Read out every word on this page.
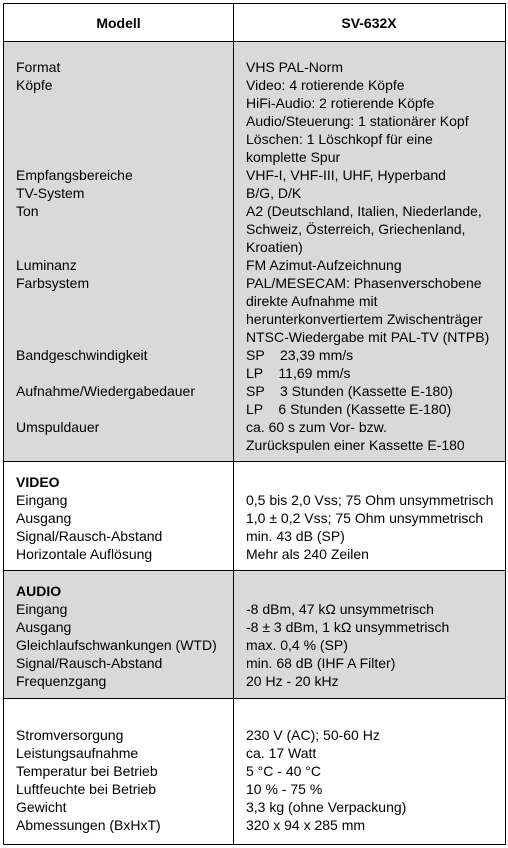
Modell	SV-632X
Format
Köpfe
Empfangsbereiche
TV-System
Ton
Luminanz
Farbsystem
Bandgeschwindigkeit
Aufnahme/Wiedergabedauer
Umspuldauer
VHS PAL-Norm
Video: 4 rotierende Köpfe
HiFi-Audio: 2 rotierende Köpfe
Audio/Steuerung: 1 stationärer Kopf
Löschen: 1 Löschkopf für eine
komplette Spur
VHF-I, VHF-III, UHF, Hyperband
B/G, D/K
A2 (Deutschland, Italien, Niederlande,
Schweiz, Österreich, Griechenland,
Kroatien)
FM Azimut-Aufzeichnung
PAL/MESECAM: Phasenverschobene
direkte Aufnahme mit
herunterkonvertiertem Zwischenträger
NTSC-Wiedergabe mit PAL-TV (NTPB)
SP    23,39 mm/s
LP    11,69 mm/s
SP    3 Stunden (Kassette E-180)
LP    6 Stunden (Kassette E-180)
ca. 60 s zum Vor- bzw.
Zurückspulen einer Kassette E-180
VIDEO
Eingang
Ausgang
Signal/Rausch-Abstand
Horizontale Auflösung
0,5 bis 2,0 Vss; 75 Ohm unsymmetrisch
1,0 ± 0,2 Vss; 75 Ohm unsymmetrisch
min. 43 dB (SP)
Mehr als 240 Zeilen
AUDIO
Eingang
Ausgang
Gleichlaufschwankungen (WTD)
Signal/Rausch-Abstand
Frequenzgang
-8 dBm, 47 kΩ unsymmetrisch
-8 ± 3 dBm, 1 kΩ unsymmetrisch
max. 0,4 % (SP)
min. 68 dB (IHF A Filter)
20 Hz - 20 kHz
Stromversorgung
Leistungsaufnahme
Temperatur bei Betrieb
Luftfeuchte bei Betrieb
Gewicht
Abmessungen (BxHxT)
230 V (AC); 50-60 Hz
ca. 17 Watt
5 °C - 40 °C
10 % - 75 %
3,3 kg (ohne Verpackung)
320 x 94 x 285 mm
